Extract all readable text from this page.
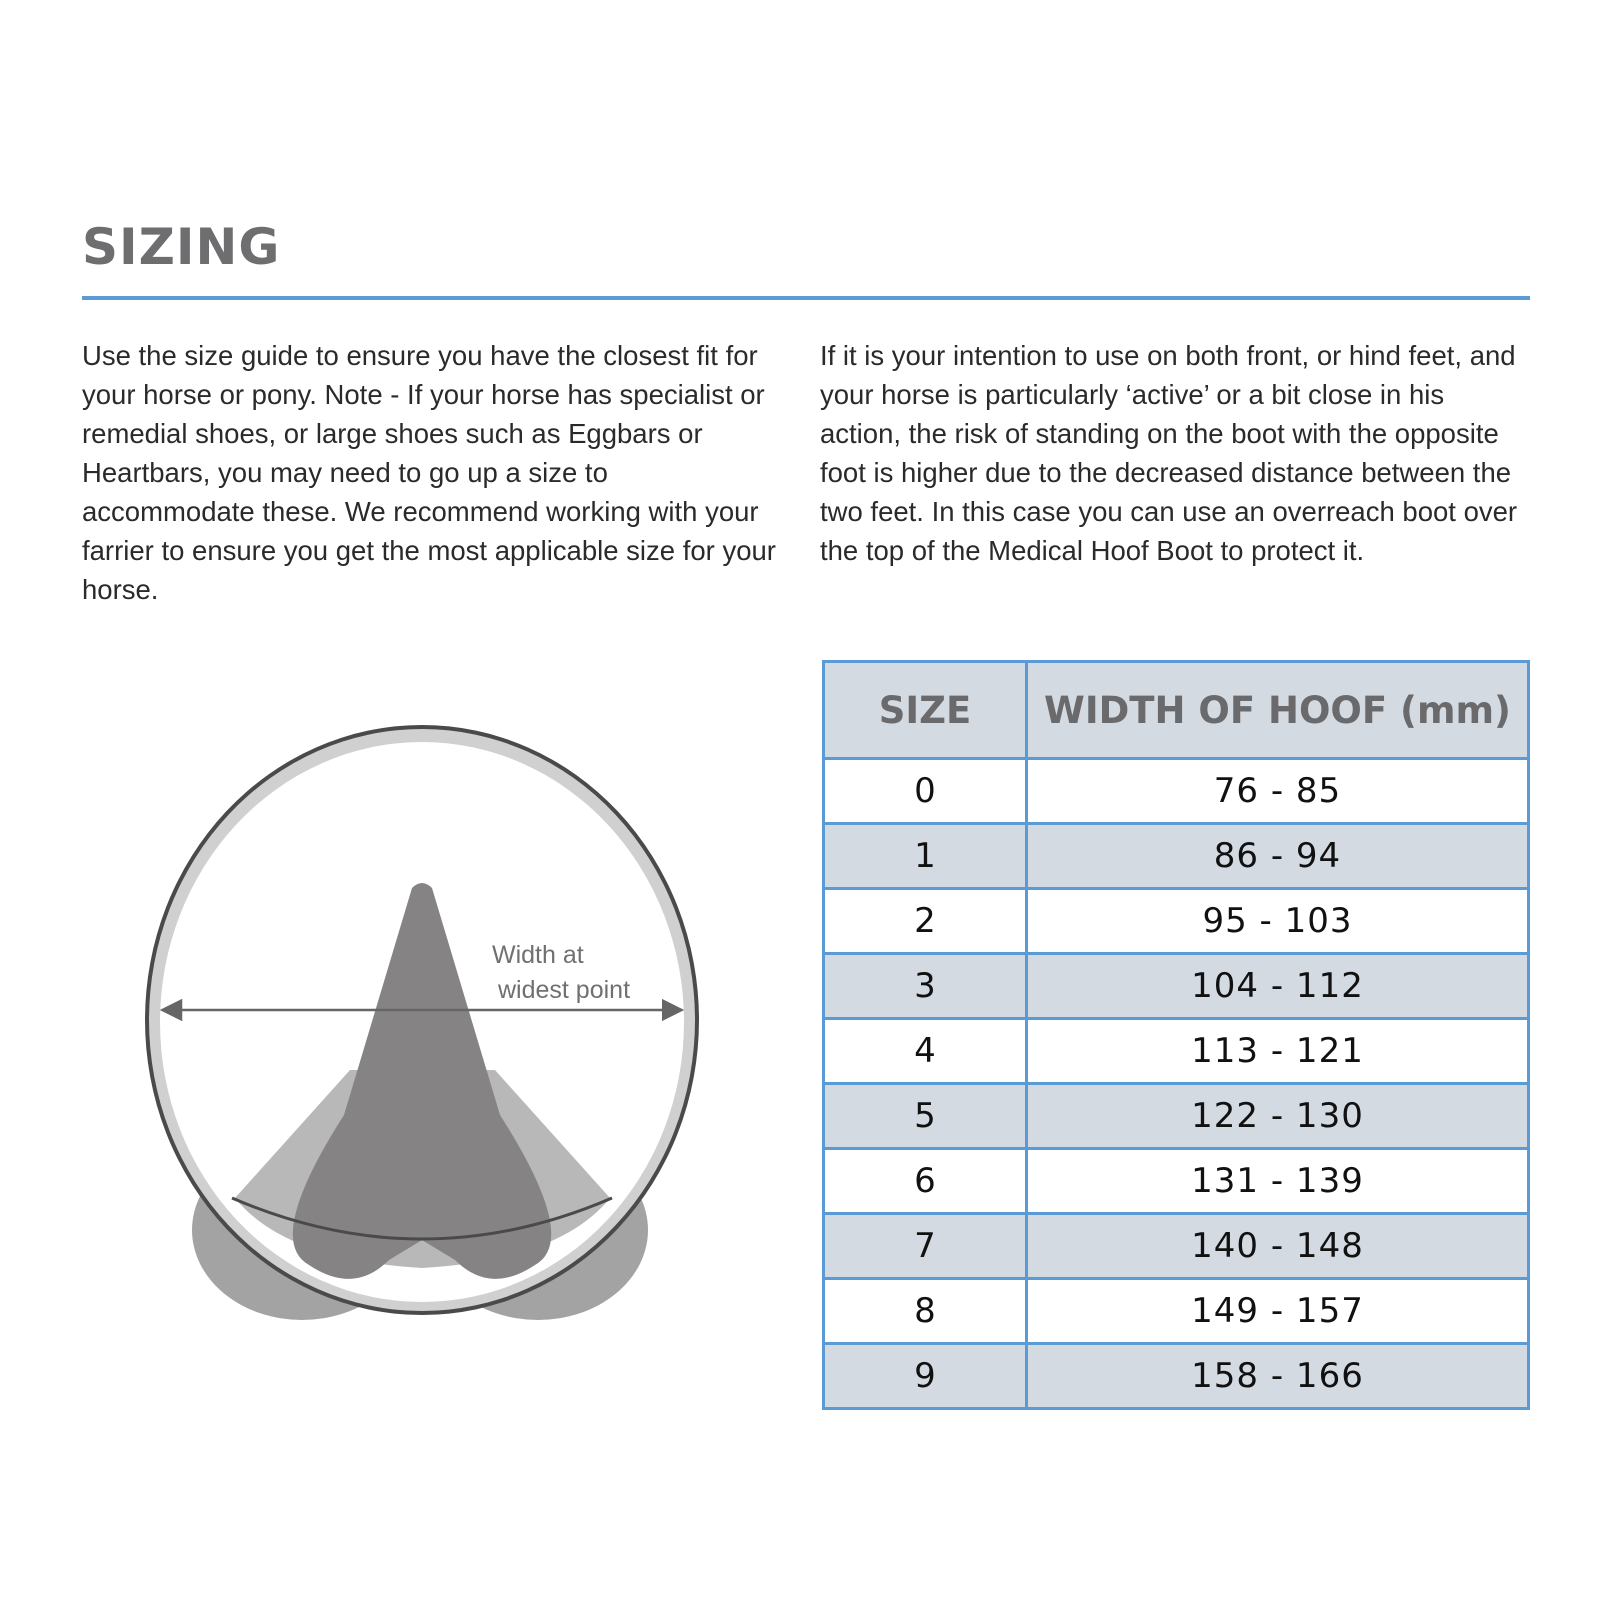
SIZING

Use the size guide to ensure you have the closest fit for your horse or pony. Note - If your horse has specialist or remedial shoes, or large shoes such as Eggbars or Heartbars, you may need to go up a size to accommodate these. We recommend working with your farrier to ensure you get the most applicable size for your horse.

If it is your intention to use on both front, or hind feet, and your horse is particularly ‘active’ or a bit close in his action, the risk of standing on the boot with the opposite foot is higher due to the decreased distance between the two feet. In this case you can use an overreach boot over the top of the Medical Hoof Boot to protect it.

Width at
widest point
SIZE	WIDTH OF HOOF (mm)
0	76 - 85
1	86 - 94
2	95 - 103
3	104 - 112
4	113 - 121
5	122 - 130
6	131 - 139
7	140 - 148
8	149 - 157
9	158 - 166
